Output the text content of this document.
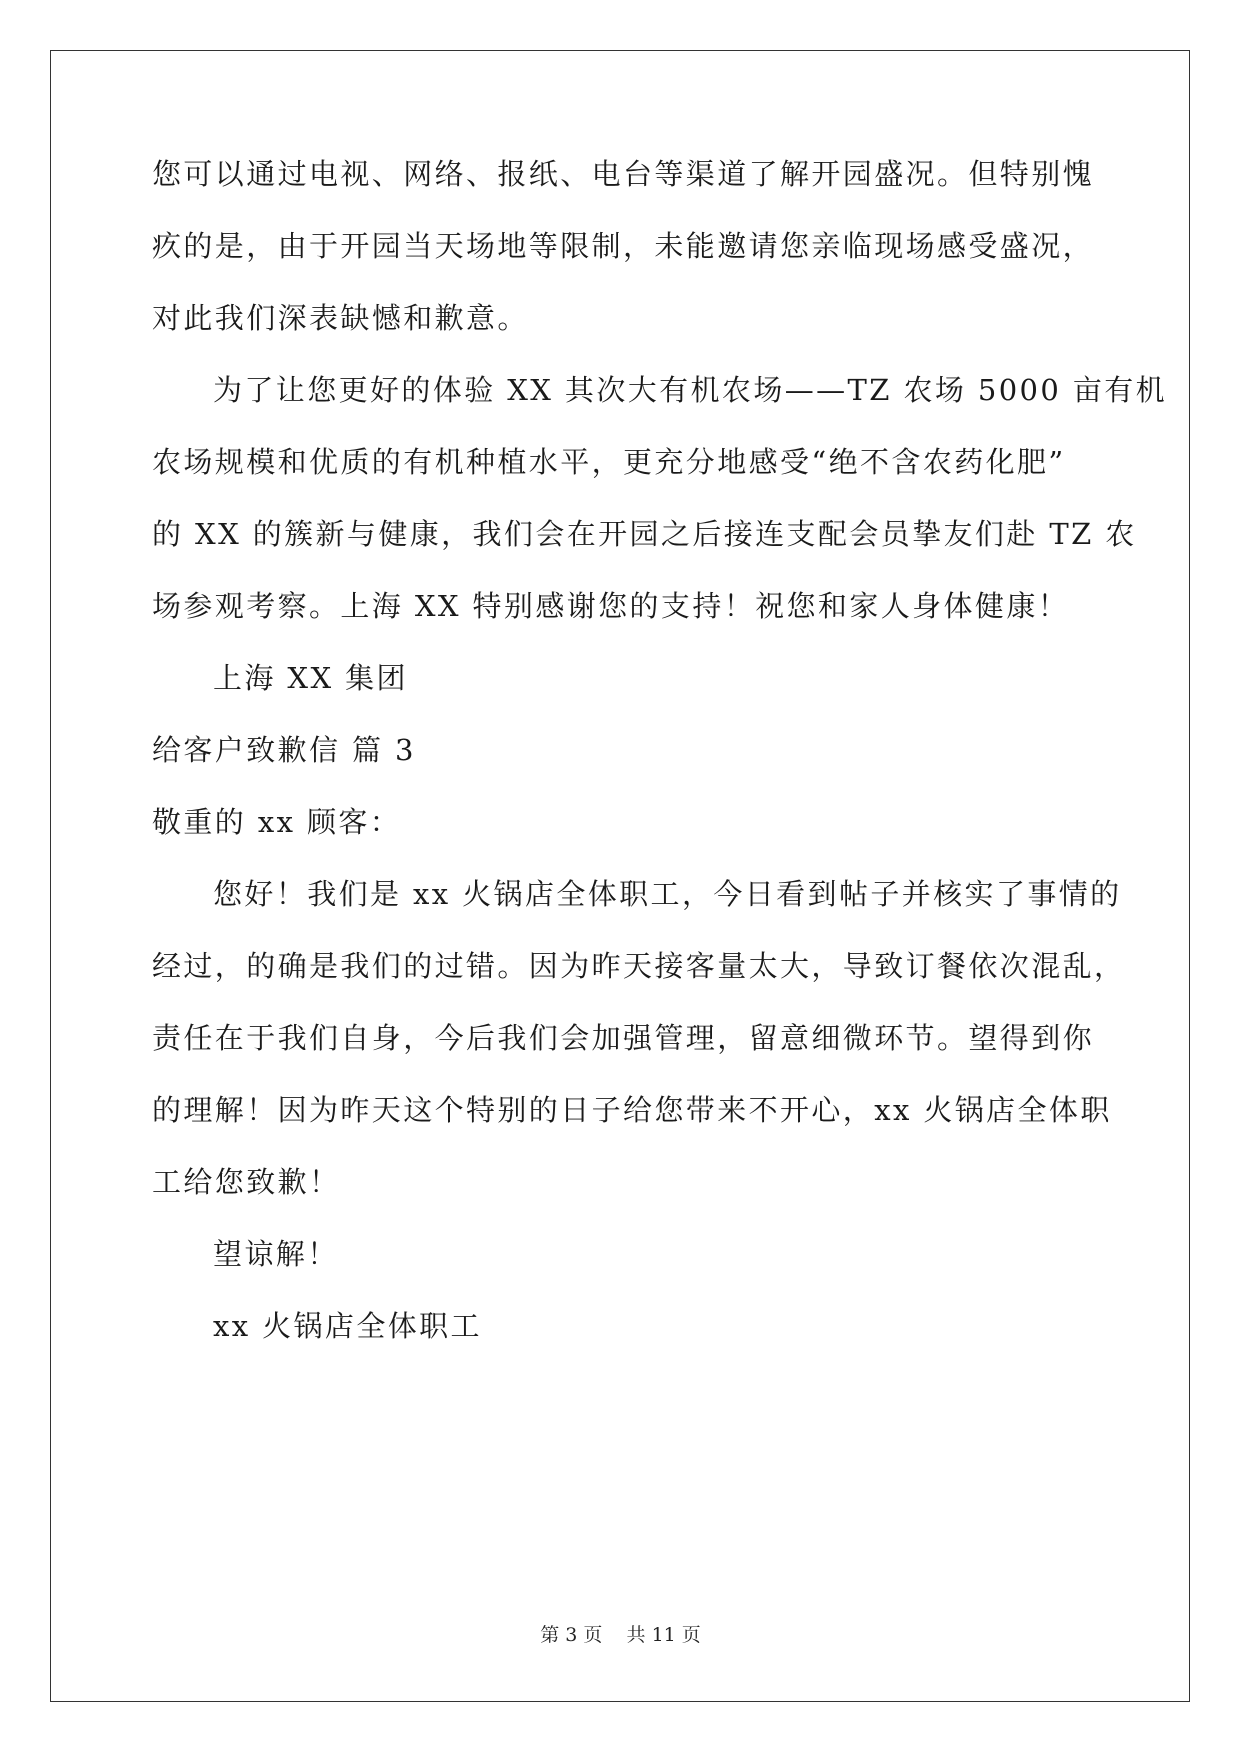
您可以通过电视、网络、报纸、电台等渠道了解开园盛况。但特别愧
疚的是，由于开园当天场地等限制，未能邀请您亲临现场感受盛况，
对此我们深表缺憾和歉意。
为了让您更好的体验 XX 其次大有机农场——TZ 农场 5000 亩有机
农场规模和优质的有机种植水平，更充分地感受“绝不含农药化肥”
的 XX 的簇新与健康，我们会在开园之后接连支配会员挚友们赴 TZ 农
场参观考察。上海 XX 特别感谢您的支持！祝您和家人身体健康！
上海 XX 集团
给客户致歉信 篇 3
敬重的 xx 顾客：
您好！我们是 xx 火锅店全体职工，今日看到帖子并核实了事情的
经过，的确是我们的过错。因为昨天接客量太大，导致订餐依次混乱，
责任在于我们自身，今后我们会加强管理，留意细微环节。望得到你
的理解！因为昨天这个特别的日子给您带来不开心，xx 火锅店全体职
工给您致歉！
望谅解！
xx 火锅店全体职工
第 3 页    共 11 页
